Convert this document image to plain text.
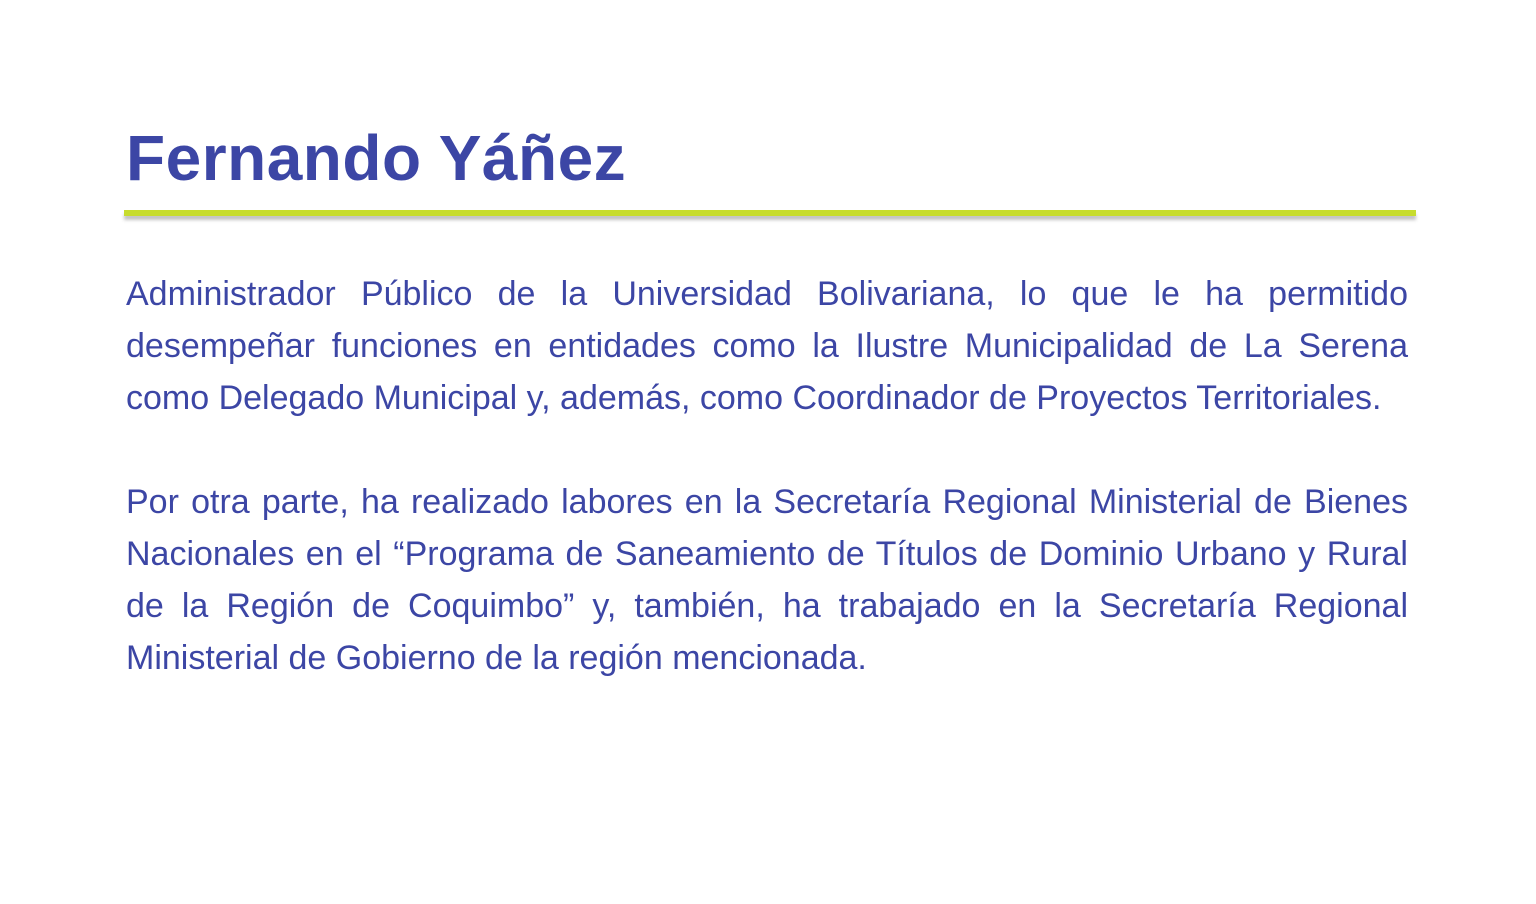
Fernando Yáñez

Administrador Público de la Universidad Bolivariana, lo que le ha permitido desempeñar funciones en entidades como la Ilustre Municipalidad de La Serena como Delegado Municipal y, además, como Coordinador de Proyectos Territoriales.

Por otra parte, ha realizado labores en la Secretaría Regional Ministerial de Bienes Nacionales en el “Programa de Saneamiento de Títulos de Dominio Urbano y Rural de la Región de Coquimbo” y, también, ha trabajado en la Secretaría Regional Ministerial de Gobierno de la región mencionada.
